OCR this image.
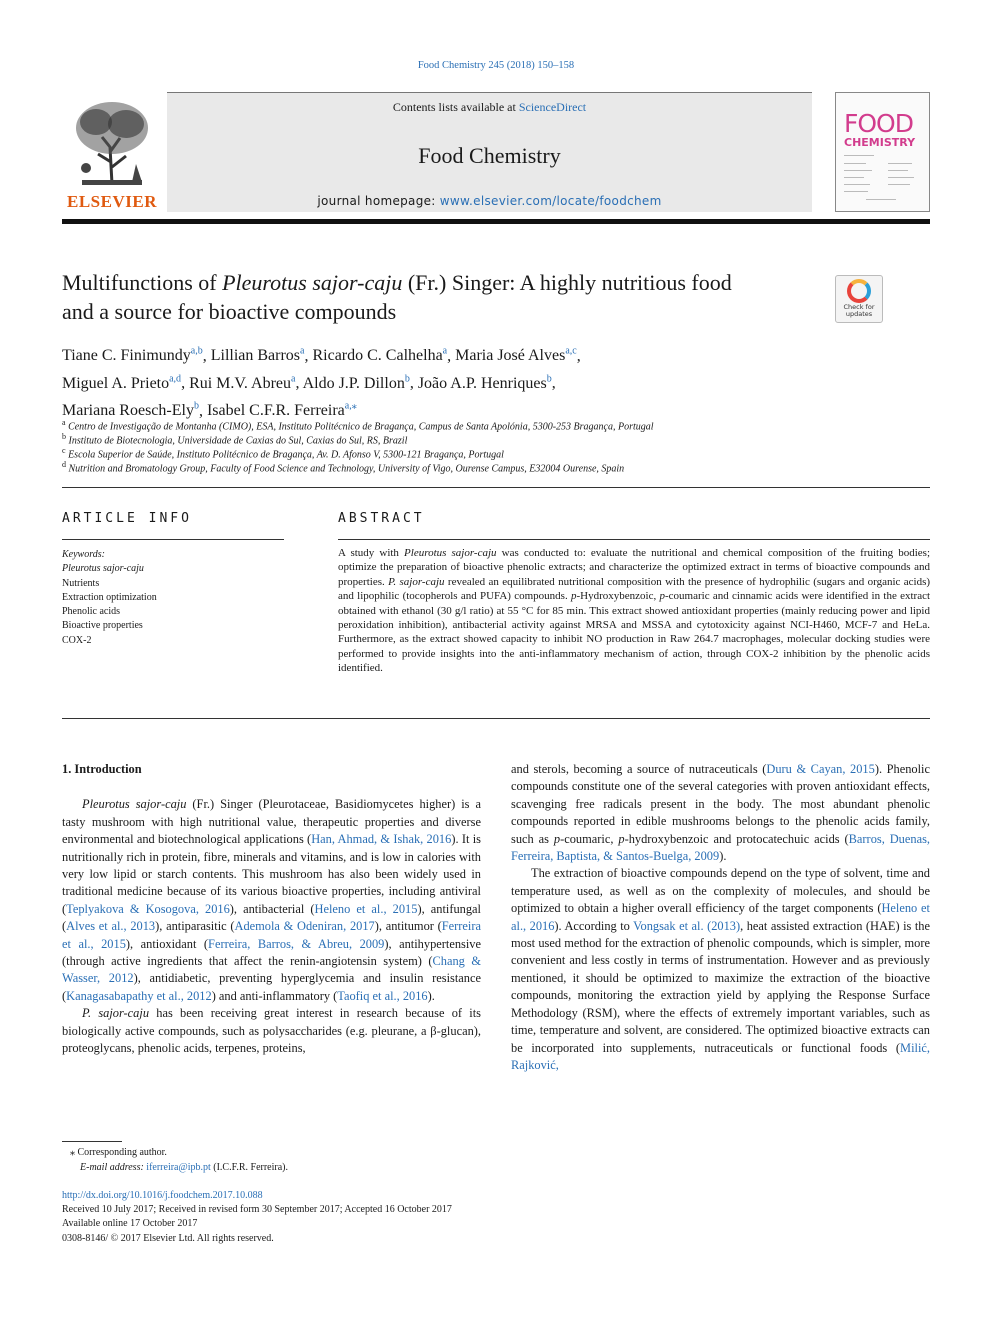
Food Chemistry 245 (2018) 150–158
ELSEVIER
Contents lists available at ScienceDirect
Food Chemistry
journal homepage: www.elsevier.com/locate/foodchem
FOOD
CHEMISTRY
Multifunctions of Pleurotus sajor-caju (Fr.) Singer: A highly nutritious food
and a source for bioactive compounds	Check for
updates
Tiane C. Finimundy$^{a,b}$, Lillian Barros$^a$, Ricardo C. Calhelha$^a$, Maria José Alves$^{a,c}$,
Miguel A. Prieto$^{a,d}$, Rui M.V. Abreu$^a$, Aldo J.P. Dillon$^b$, João A.P. Henriques$^b$,
Mariana Roesch-Ely$^b$, Isabel C.F.R. Ferreira$^{a,⁎}$
$^a$ Centro de Investigação de Montanha (CIMO), ESA, Instituto Politécnico de Bragança, Campus de Santa Apolónia, 5300-253 Bragança, Portugal
$^b$ Instituto de Biotecnologia, Universidade de Caxias do Sul, Caxias do Sul, RS, Brazil
$^c$ Escola Superior de Saúde, Instituto Politécnico de Bragança, Av. D. Afonso V, 5300-121 Bragança, Portugal
$^d$ Nutrition and Bromatology Group, Faculty of Food Science and Technology, University of Vigo, Ourense Campus, E32004 Ourense, Spain
ARTICLE INFO
Keywords:
Pleurotus sajor-caju
Nutrients
Extraction optimization
Phenolic acids
Bioactive properties
COX-2
ABSTRACT
A study with Pleurotus sajor-caju was conducted to: evaluate the nutritional and chemical composition of the fruiting bodies; optimize the preparation of bioactive phenolic extracts; and characterize the optimized extract in terms of bioactive compounds and properties. P. sajor-caju revealed an equilibrated nutritional composition with the presence of hydrophilic (sugars and organic acids) and lipophilic (tocopherols and PUFA) compounds. p-Hydroxybenzoic, p-coumaric and cinnamic acids were identified in the extract obtained with ethanol (30 g/l ratio) at 55 °C for 85 min. This extract showed antioxidant properties (mainly reducing power and lipid peroxidation inhibition), antibacterial activity against MRSA and MSSA and cytotoxicity against NCI-H460, MCF-7 and HeLa. Furthermore, as the extract showed capacity to inhibit NO production in Raw 264.7 macrophages, molecular docking studies were performed to provide insights into the anti-inflammatory mechanism of action, through COX-2 inhibition by the phenolic acids identified.

1. Introduction

Pleurotus sajor-caju (Fr.) Singer (Pleurotaceae, Basidiomycetes higher) is a tasty mushroom with high nutritional value, therapeutic properties and diverse environmental and biotechnological applications (Han, Ahmad, & Ishak, 2016). It is nutritionally rich in protein, fibre, minerals and vitamins, and is low in calories with very low lipid or starch contents. This mushroom has also been widely used in traditional medicine because of its various bioactive properties, including antiviral (Teplyakova & Kosogova, 2016), antibacterial (Heleno et al., 2015), antifungal (Alves et al., 2013), antiparasitic (Ademola & Odeniran, 2017), antitumor (Ferreira et al., 2015), antioxidant (Ferreira, Barros, & Abreu, 2009), antihypertensive (through active ingredients that affect the renin-angiotensin system) (Chang & Wasser, 2012), antidiabetic, preventing hyperglycemia and insulin resistance (Kanagasabapathy et al., 2012) and anti-inflammatory (Taofiq et al., 2016).

P. sajor-caju has been receiving great interest in research because of its biologically active compounds, such as polysaccharides (e.g. pleurane, a β-glucan), proteoglycans, phenolic acids, terpenes, proteins,

and sterols, becoming a source of nutraceuticals (Duru & Cayan, 2015). Phenolic compounds constitute one of the several categories with proven antioxidant effects, scavenging free radicals present in the body. The most abundant phenolic compounds reported in edible mushrooms belongs to the phenolic acids family, such as p-coumaric, p-hydroxybenzoic and protocatechuic acids (Barros, Duenas, Ferreira, Baptista, & Santos-Buelga, 2009).

The extraction of bioactive compounds depend on the type of solvent, time and temperature used, as well as on the complexity of molecules, and should be optimized to obtain a higher overall efficiency of the target components (Heleno et al., 2016). According to Vongsak et al. (2013), heat assisted extraction (HAE) is the most used method for the extraction of phenolic compounds, which is simpler, more convenient and less costly in terms of instrumentation. However and as previously mentioned, it should be optimized to maximize the extraction of the bioactive compounds, monitoring the extraction yield by applying the Response Surface Methodology (RSM), where the effects of extremely important variables, such as time, temperature and solvent, are considered. The optimized bioactive extracts can be incorporated into supplements, nutraceuticals or functional foods (Milić, Rajković,

⁎ Corresponding author.
E-mail address: iferreira@ipb.pt (I.C.F.R. Ferreira).
http://dx.doi.org/10.1016/j.foodchem.2017.10.088
Received 10 July 2017; Received in revised form 30 September 2017; Accepted 16 October 2017
Available online 17 October 2017
0308-8146/ © 2017 Elsevier Ltd. All rights reserved.
